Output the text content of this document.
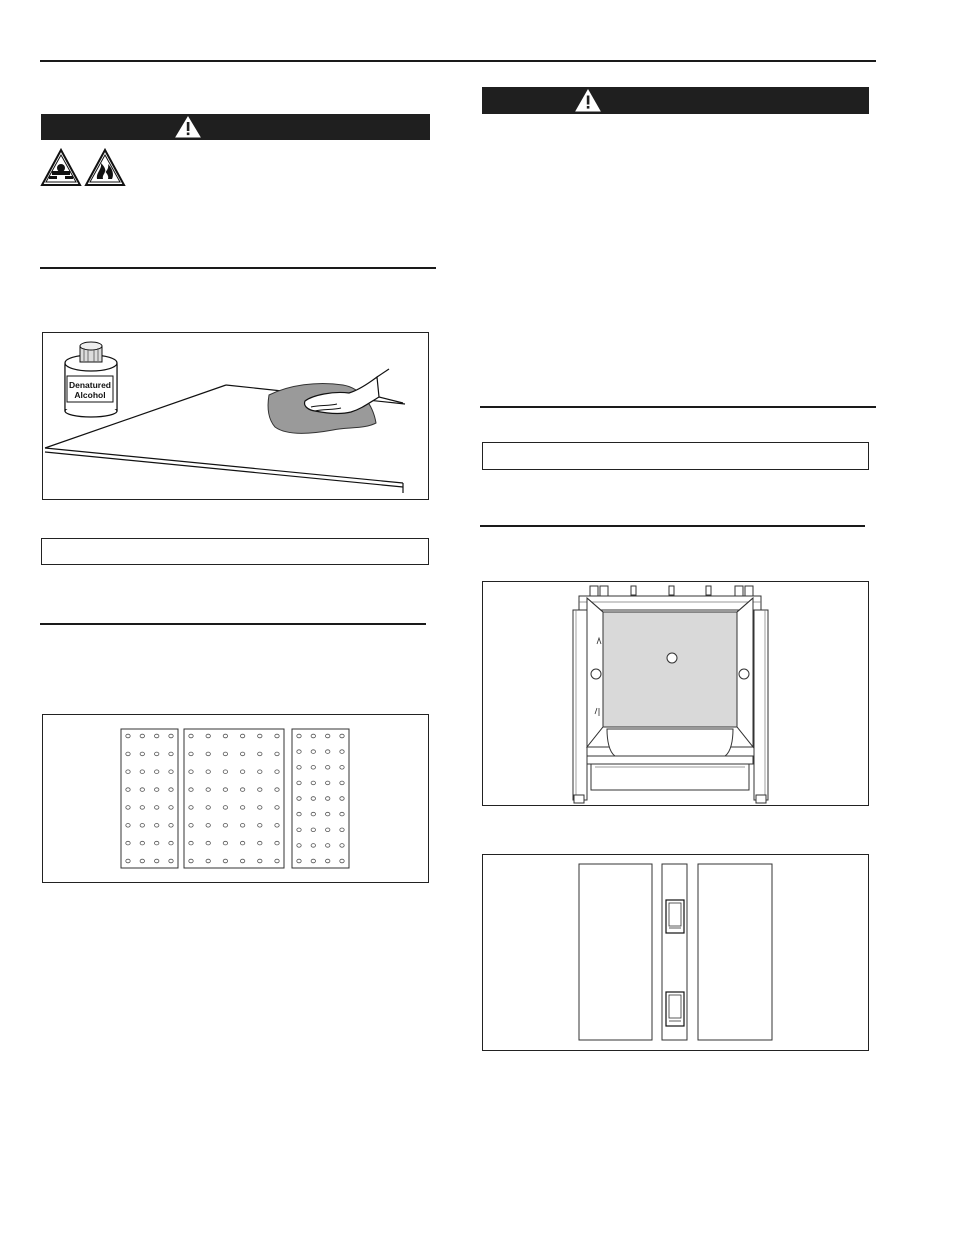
Denatured
Alcohol
